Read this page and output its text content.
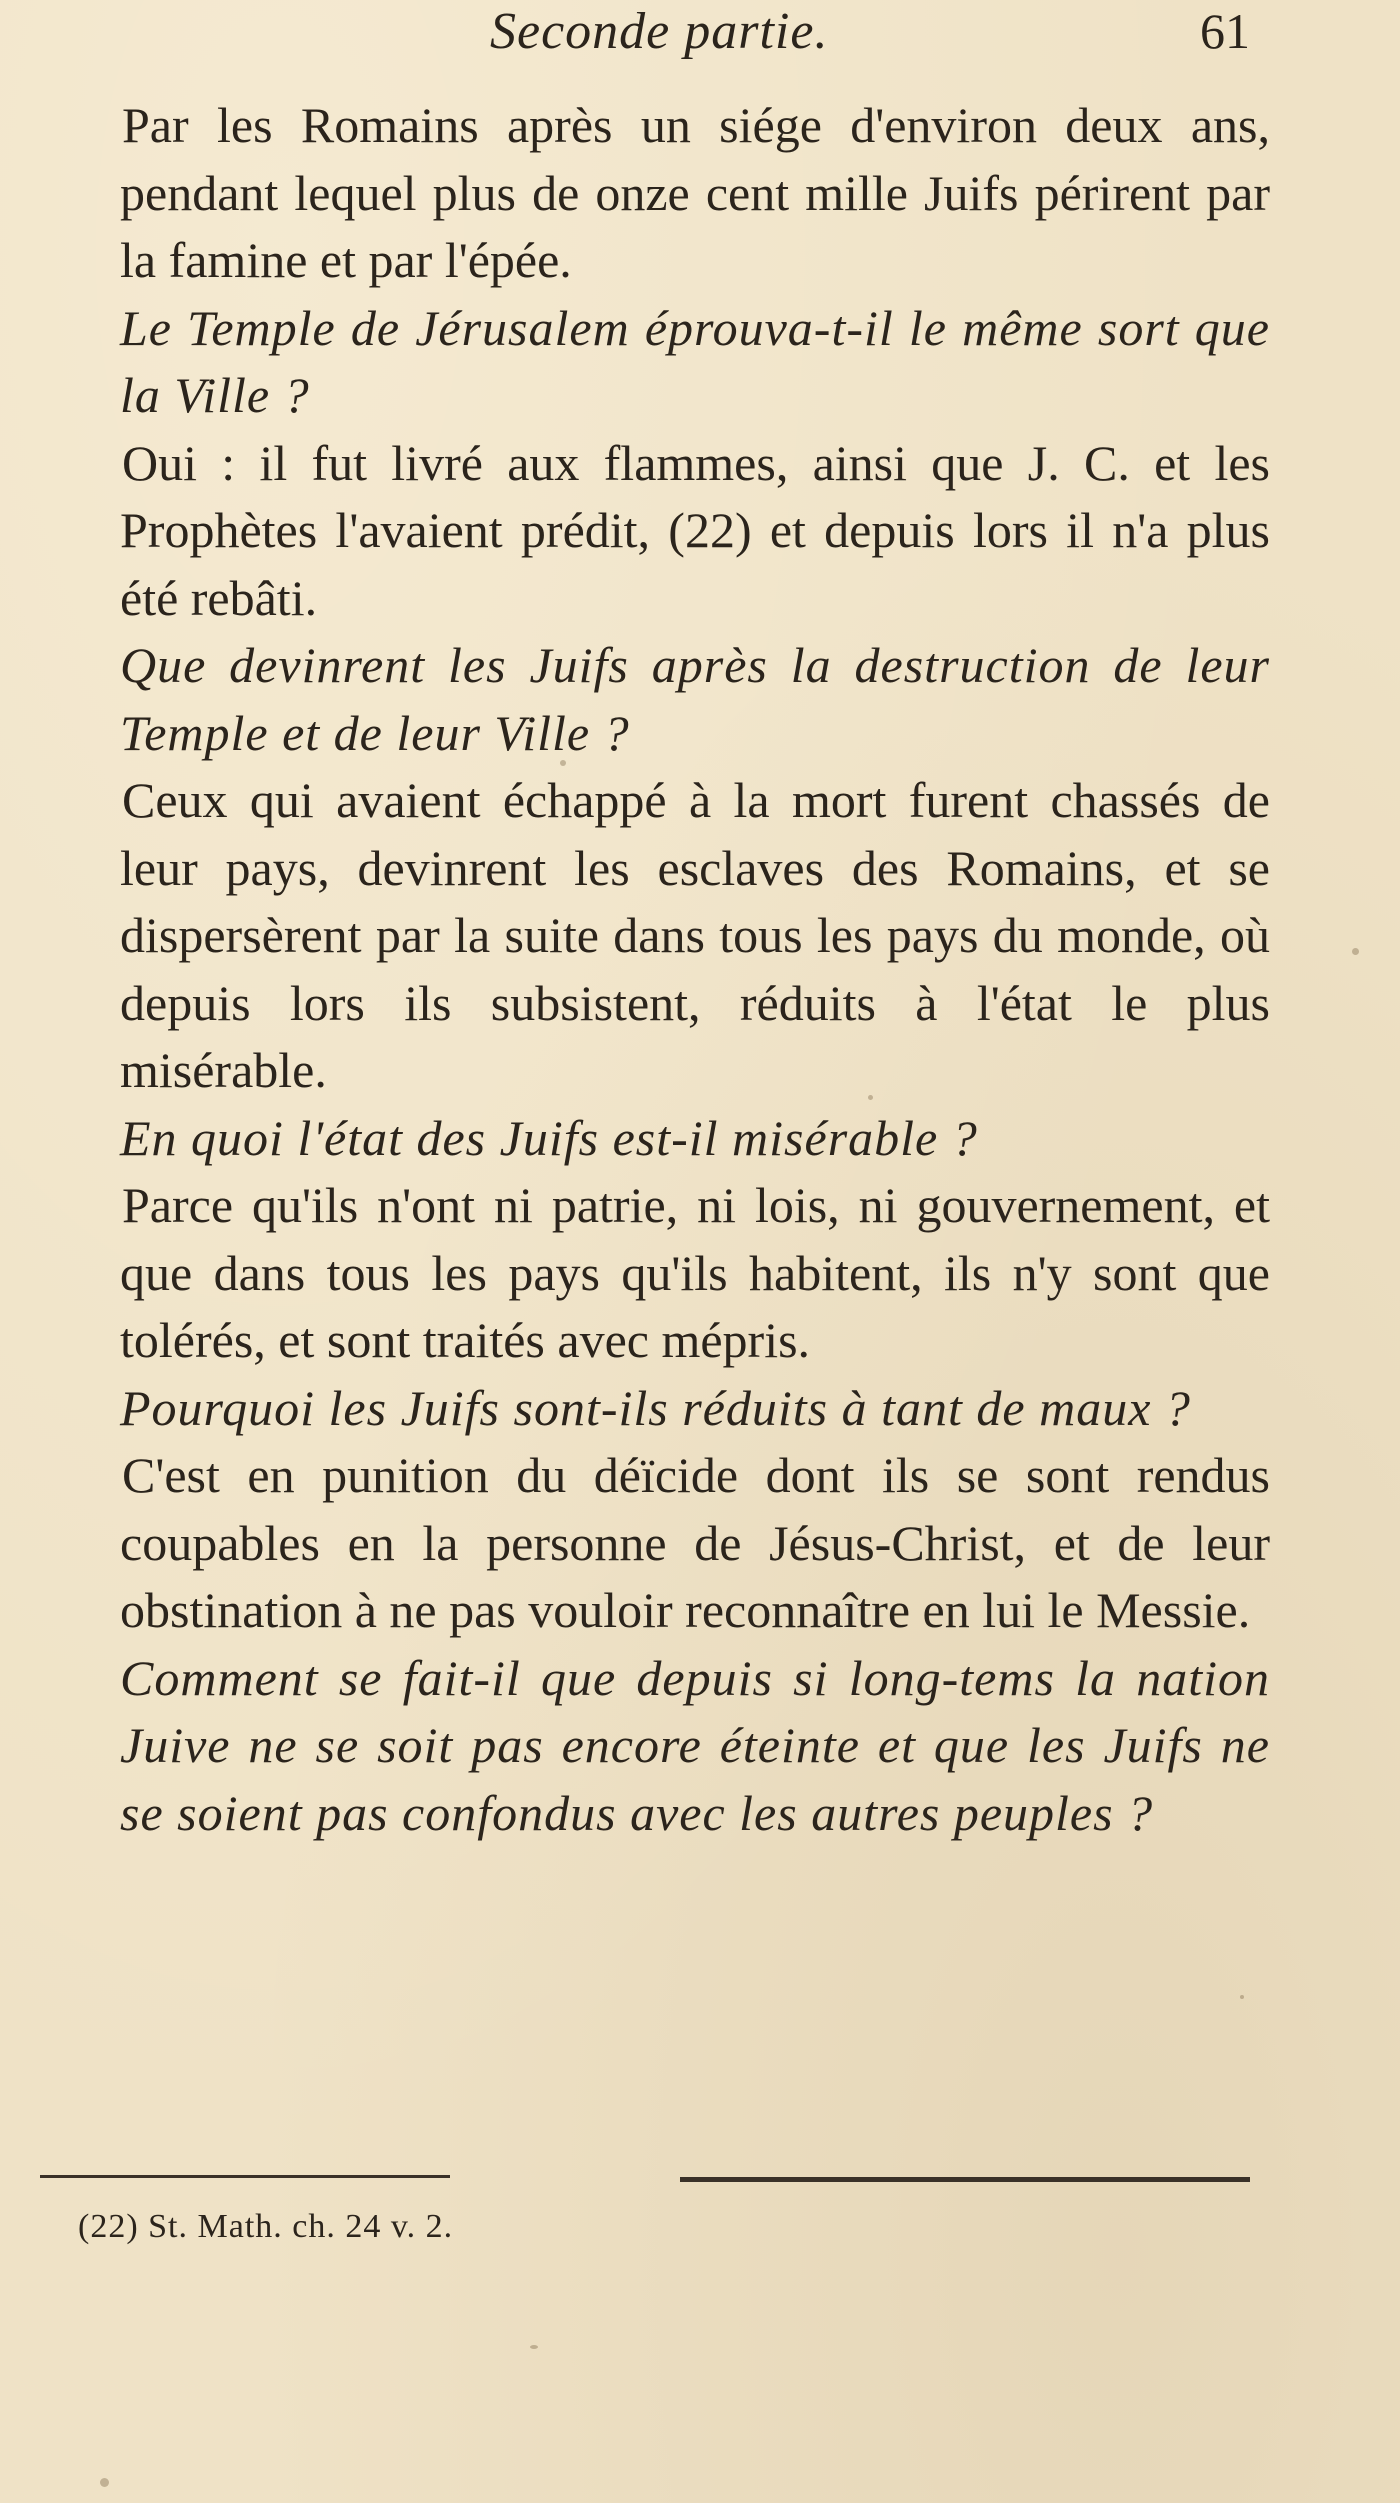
Seconde partie.	61

Par les Romains après un siége d'environ deux ans, pendant lequel plus de onze cent mille Juifs périrent par la famine et par l'épée.

Le Temple de Jérusalem éprouva-t-il le même sort que la Ville ?

Oui : il fut livré aux flammes, ainsi que J. C. et les Prophètes l'avaient prédit, (22) et depuis lors il n'a plus été rebâti.

Que devinrent les Juifs après la destruction de leur Temple et de leur Ville ?

Ceux qui avaient échappé à la mort furent chassés de leur pays, devinrent les esclaves des Romains, et se dispersèrent par la suite dans tous les pays du monde, où depuis lors ils subsistent, réduits à l'état le plus misérable.

En quoi l'état des Juifs est-il misérable ?

Parce qu'ils n'ont ni patrie, ni lois, ni gouvernement, et que dans tous les pays qu'ils habitent, ils n'y sont que tolérés, et sont traités avec mépris.

Pourquoi les Juifs sont-ils réduits à tant de maux ?

C'est en punition du déïcide dont ils se sont rendus coupables en la personne de Jésus-Christ, et de leur obstination à ne pas vouloir reconnaître en lui le Messie.

Comment se fait-il que depuis si long-tems la nation Juive ne se soit pas encore éteinte et que les Juifs ne se soient pas confondus avec les autres peuples ?

(22) St. Math. ch. 24 v. 2.
